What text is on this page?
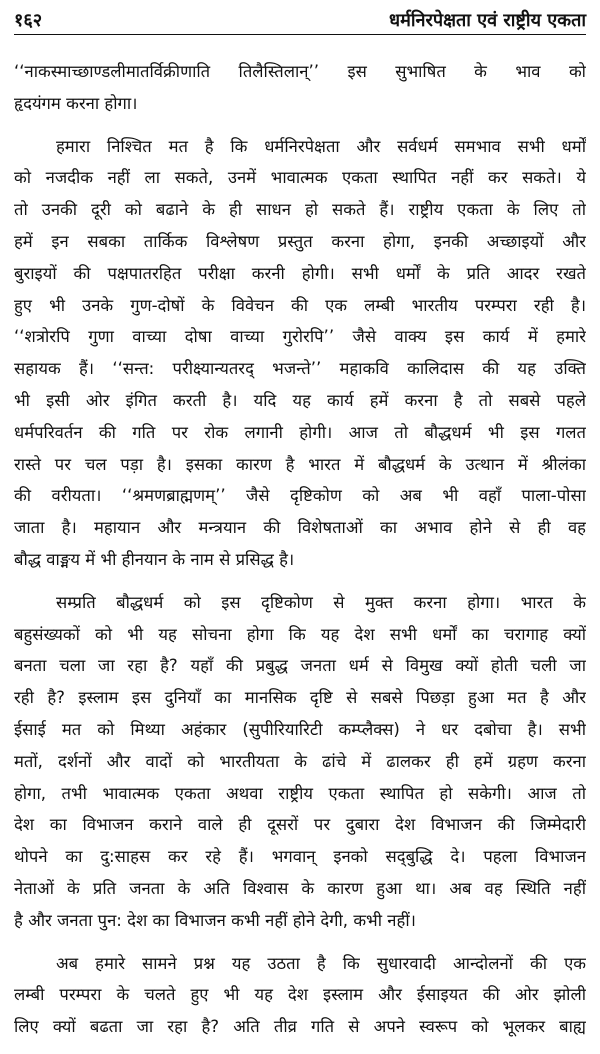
१६२	धर्मनिरपेक्षता एवं राष्ट्रीय एकता

‘‘नाकस्माच्छाण्डलीमातर्विक्रीणाति तिलैस्तिलान्’’ इस सुभाषित के भाव को
हृदयंगम करना होगा।

हमारा निश्चित मत है कि धर्मनिरपेक्षता और सर्वधर्म समभाव सभी धर्मों
को नजदीक नहीं ला सकते, उनमें भावात्मक एकता स्थापित नहीं कर सकते। ये
तो उनकी दूरी को बढाने के ही साधन हो सकते हैं। राष्ट्रीय एकता के लिए तो
हमें इन सबका तार्किक विश्लेषण प्रस्तुत करना होगा, इनकी अच्छाइयों और
बुराइयों की पक्षपातरहित परीक्षा करनी होगी। सभी धर्मों के प्रति आदर रखते
हुए भी उनके गुण-दोषों के विवेचन की एक लम्बी भारतीय परम्परा रही है।
‘‘शत्रोरपि गुणा वाच्या दोषा वाच्या गुरोरपि’’ जैसे वाक्य इस कार्य में हमारे
सहायक हैं। ‘‘सन्त: परीक्ष्यान्यतरद् भजन्ते’’ महाकवि कालिदास की यह उक्ति
भी इसी ओर इंगित करती है। यदि यह कार्य हमें करना है तो सबसे पहले
धर्मपरिवर्तन की गति पर रोक लगानी होगी। आज तो बौद्धधर्म भी इस गलत
रास्ते पर चल पड़ा है। इसका कारण है भारत में बौद्धधर्म के उत्थान में श्रीलंका
की वरीयता। ‘‘श्रमणब्राह्मणम्’’ जैसे दृष्टिकोण को अब भी वहाँ पाला-पोसा
जाता है। महायान और मन्त्रयान की विशेषताओं का अभाव होने से ही वह
बौद्ध वाङ्मय में भी हीनयान के नाम से प्रसिद्ध है।

सम्प्रति बौद्धधर्म को इस दृष्टिकोण से मुक्त करना होगा। भारत के
बहुसंख्यकों को भी यह सोचना होगा कि यह देश सभी धर्मों का चरागाह क्यों
बनता चला जा रहा है? यहाँ की प्रबुद्ध जनता धर्म से विमुख क्यों होती चली जा
रही है? इस्लाम इस दुनियाँ का मानसिक दृष्टि से सबसे पिछड़ा हुआ मत है और
ईसाई मत को मिथ्या अहंकार (सुपीरियारिटी कम्प्लैक्स) ने धर दबोचा है। सभी
मतों, दर्शनों और वादों को भारतीयता के ढांचे में ढालकर ही हमें ग्रहण करना
होगा, तभी भावात्मक एकता अथवा राष्ट्रीय एकता स्थापित हो सकेगी। आज तो
देश का विभाजन कराने वाले ही दूसरों पर दुबारा देश विभाजन की जिम्मेदारी
थोपने का दु:साहस कर रहे हैं। भगवान् इनको सद्‌बुद्धि दे। पहला विभाजन
नेताओं के प्रति जनता के अति विश्वास के कारण हुआ था। अब वह स्थिति नहीं
है और जनता पुन: देश का विभाजन कभी नहीं होने देगी, कभी नहीं।

अब हमारे सामने प्रश्न यह उठता है कि सुधारवादी आन्दोलनों की एक
लम्बी परम्परा के चलते हुए भी यह देश इस्लाम और ईसाइयत की ओर झोली
लिए क्यों बढता जा रहा है? अति तीव्र गति से अपने स्वरूप को भूलकर बाह्य
